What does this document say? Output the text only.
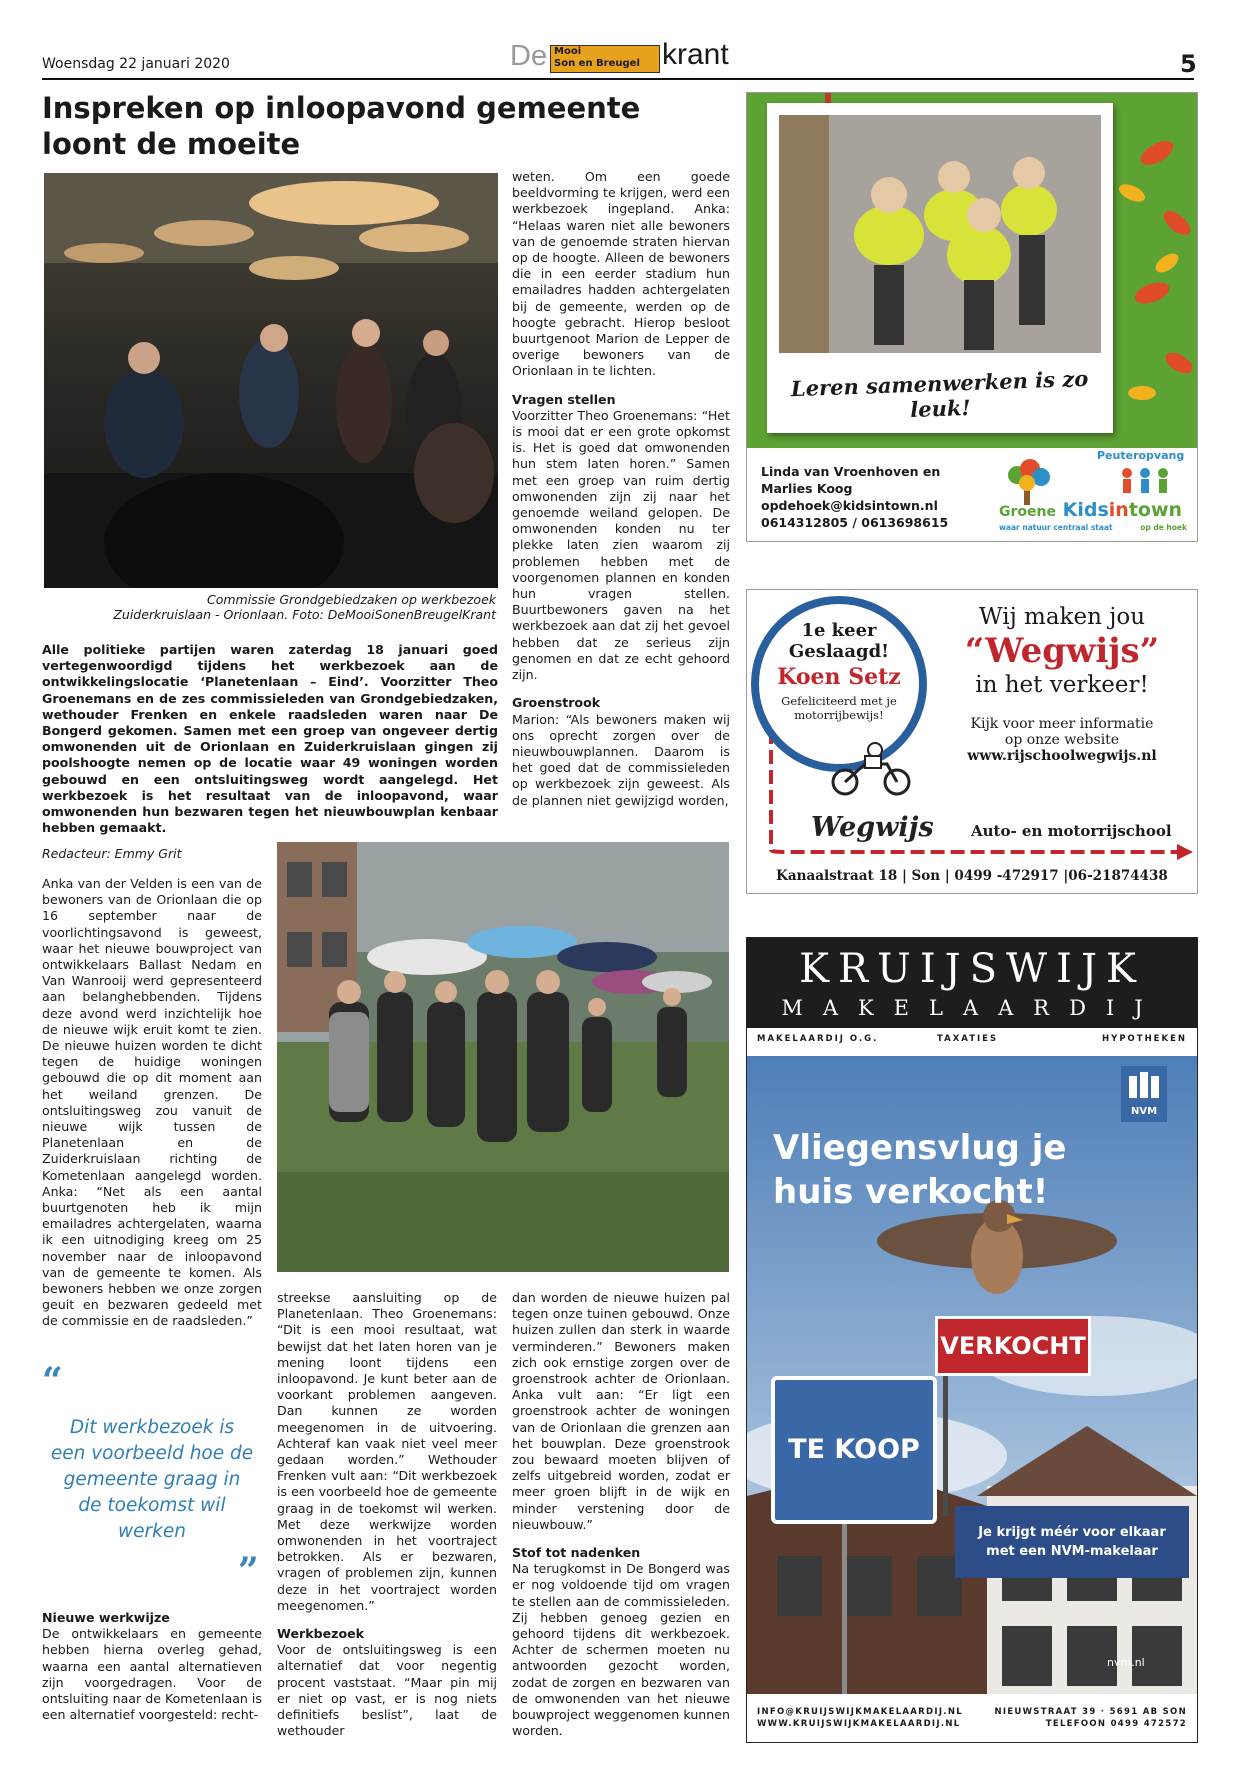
Woensdag 22 januari 2020	De Mooi
Son en Breugel krant	5
Inspreken op inloopavond gemeente loont de moeite
Commissie Grondgebiedzaken op werkbezoek
Zuiderkruislaan - Orionlaan. Foto: DeMooiSonenBreugelKrant
Alle politieke partijen waren zaterdag 18 januari goed vertegenwoordigd tijdens het werkbezoek aan de ontwikkelingslocatie ‘Planetenlaan – Eind’. Voorzitter Theo Groenemans en de zes commissieleden van Grondgebiedzaken, wethouder Frenken en enkele raadsleden waren naar De Bongerd gekomen. Samen met een groep van ongeveer dertig omwonenden uit de Orionlaan en Zuiderkruislaan gingen zij poolshoogte nemen op de locatie waar 49 woningen worden gebouwd en een ontsluitingsweg wordt aangelegd. Het werkbezoek is het resultaat van de inloopavond, waar omwonenden hun bezwaren tegen het nieuwbouwplan kenbaar hebben gemaakt.

weten. Om een goede beeldvorming te krijgen, werd een werkbezoek ingepland. Anka: “Helaas waren niet alle bewoners van de genoemde straten hiervan op de hoogte. Alleen de bewoners die in een eerder stadium hun emailadres hadden achtergelaten bij de gemeente, werden op de hoogte gebracht. Hierop besloot buurtgenoot Marion de Lepper de overige bewoners van de Orionlaan in te lichten.

Vragen stellen

Voorzitter Theo Groenemans: “Het is mooi dat er een grote opkomst is. Het is goed dat omwonenden hun stem laten horen.” Samen met een groep van ruim dertig omwonenden zijn zij naar het genoemde weiland gelopen. De omwonenden konden nu ter plekke laten zien waarom zij problemen hebben met de voorgenomen plannen en konden hun vragen stellen. Buurtbewoners gaven na het werkbezoek aan dat zij het gevoel hebben dat ze serieus zijn genomen en dat ze echt gehoord zijn.

Groenstrook

Marion: “Als bewoners maken wij ons oprecht zorgen over de nieuwbouwplannen. Daarom is het goed dat de commissieleden op werkbezoek zijn geweest. Als de plannen niet gewijzigd worden,

Redacteur: Emmy Grit
Anka van der Velden is een van de bewoners van de Orionlaan die op 16 september naar de voorlichtingsavond is geweest, waar het nieuwe bouwproject van ontwikkelaars Ballast Nedam en Van Wanrooij werd gepresenteerd aan belanghebbenden. Tijdens deze avond werd inzichtelijk hoe de nieuwe wijk eruit komt te zien. De nieuwe huizen worden te dicht tegen de huidige woningen gebouwd die op dit moment aan het weiland grenzen. De ontsluitingsweg zou vanuit de nieuwe wijk tussen de Planetenlaan en de Zuiderkruislaan richting de Kometenlaan aangelegd worden. Anka: “Net als een aantal buurtgenoten heb ik mijn emailadres achtergelaten, waarna ik een uitnodiging kreeg om 25 november naar de inloopavond van de gemeente te komen. Als bewoners hebben we onze zorgen geuit en bezwaren gedeeld met de commissie en de raadsleden.”
“
Dit werkbezoek is een voorbeeld hoe de gemeente graag in de toekomst wil werken
”

Nieuwe werkwijze

De ontwikkelaars en gemeente hebben hierna overleg gehad, waarna een aantal alternatieven zijn voorgedragen. Voor de ontsluiting naar de Kometenlaan is een alternatief voorgesteld: recht-

streekse aansluiting op de Planetenlaan. Theo Groenemans: “Dit is een mooi resultaat, wat bewijst dat het laten horen van je mening loont tijdens een inloopavond. Je kunt beter aan de voorkant problemen aangeven. Dan kunnen ze worden meegenomen in de uitvoering. Achteraf kan vaak niet veel meer gedaan worden.” Wethouder Frenken vult aan: “Dit werkbezoek is een voorbeeld hoe de gemeente graag in de toekomst wil werken. Met deze werkwijze worden omwonenden in het voortraject betrokken. Als er bezwaren, vragen of problemen zijn, kunnen deze in het voortraject worden meegenomen.”

Werkbezoek

Voor de ontsluitingsweg is een alternatief dat voor negentig procent vaststaat. “Maar pin mij er niet op vast, er is nog niets definitiefs beslist”, laat de wethouder

dan worden de nieuwe huizen pal tegen onze tuinen gebouwd. Onze huizen zullen dan sterk in waarde verminderen.” Bewoners maken zich ook ernstige zorgen over de groenstrook achter de Orionlaan. Anka vult aan: “Er ligt een groenstrook achter de woningen van de Orionlaan die grenzen aan het bouwplan. Deze groenstrook zou bewaard moeten blijven of zelfs uitgebreid worden, zodat er meer groen blijft in de wijk en minder verstening door de nieuwbouw.”

Stof tot nadenken

Na terugkomst in De Bongerd was er nog voldoende tijd om vragen te stellen aan de commissieleden. Zij hebben genoeg gezien en gehoord tijdens dit werkbezoek. Achter de schermen moeten nu antwoorden gezocht worden, zodat de zorgen en bezwaren van de omwonenden van het nieuwe bouwproject weggenomen kunnen worden.

Leren samenwerken is zo leuk!
Linda van Vroenhoven en
Marlies Koog
opdehoek@kidsintown.nl
0614312805 / 0613698615
Peuteropvang
Groene Kidsintown
waar natuur centraal staat	op de hoek
1e keer
Geslaagd!
Koen Setz
Gefeliciteerd met je
motorrijbewijs!
Wij maken jou
“Wegwijs”
in het verkeer!
Kijk voor meer informatie
op onze website
www.rijschoolwegwijs.nl
Wegwijs Auto- en motorrijschool
Kanaalstraat 18 | Son | 0499 -472917 |06-21874438
KRUIJSWIJK
MAKELAARDIJ
MAKELAARDIJ O.G.	TAXATIES	HYPOTHEKEN
NVM
Vliegensvlug je
huis verkocht!
VERKOCHT
TE KOOP
Je krijgt méér voor elkaar
met een NVM-makelaar
nvm.nl
INFO@KRUIJSWIJKMAKELAARDIJ.NL
WWW.KRUIJSWIJKMAKELAARDIJ.NL
NIEUWSTRAAT 39 · 5691 AB SON
TELEFOON 0499 472572
